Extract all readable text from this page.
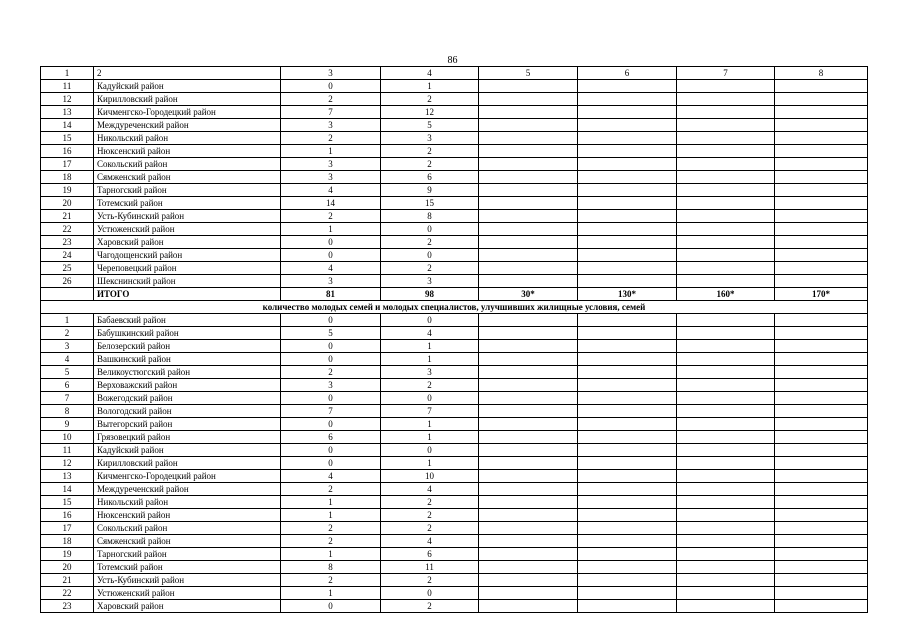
86
1	2	3	4	5	6	7	8
11	Кадуйский район	0	1				
12	Кирилловский район	2	2				
13	Кичменгско-Городецкий район	7	12				
14	Междуреченский район	3	5				
15	Никольский район	2	3				
16	Нюксенский район	1	2				
17	Сокольский район	3	2				
18	Сямженский район	3	6				
19	Тарногский район	4	9				
20	Тотемский район	14	15				
21	Усть-Кубинский район	2	8				
22	Устюженский район	1	0				
23	Харовский район	0	2				
24	Чагодощенский район	0	0				
25	Череповецкий район	4	2				
26	Шекснинский район	3	3				
	ИТОГО	81	98	30*	130*	160*	170*
количество молодых семей и молодых специалистов, улучшивших жилищные условия, семей							
1	Бабаевский район	0	0				
2	Бабушкинский район	5	4				
3	Белозерский район	0	1				
4	Вашкинский район	0	1				
5	Великоустюгский район	2	3				
6	Верховажский район	3	2				
7	Вожегодский район	0	0				
8	Вологодский район	7	7				
9	Вытегорский район	0	1				
10	Грязовецкий район	6	1				
11	Кадуйский район	0	0				
12	Кирилловский район	0	1				
13	Кичменгско-Городецкий район	4	10				
14	Междуреченский район	2	4				
15	Никольский район	1	2				
16	Нюксенский район	1	2				
17	Сокольский район	2	2				
18	Сямженский район	2	4				
19	Тарногский район	1	6				
20	Тотемский район	8	11				
21	Усть-Кубинский район	2	2				
22	Устюженский район	1	0				
23	Харовский район	0	2				
